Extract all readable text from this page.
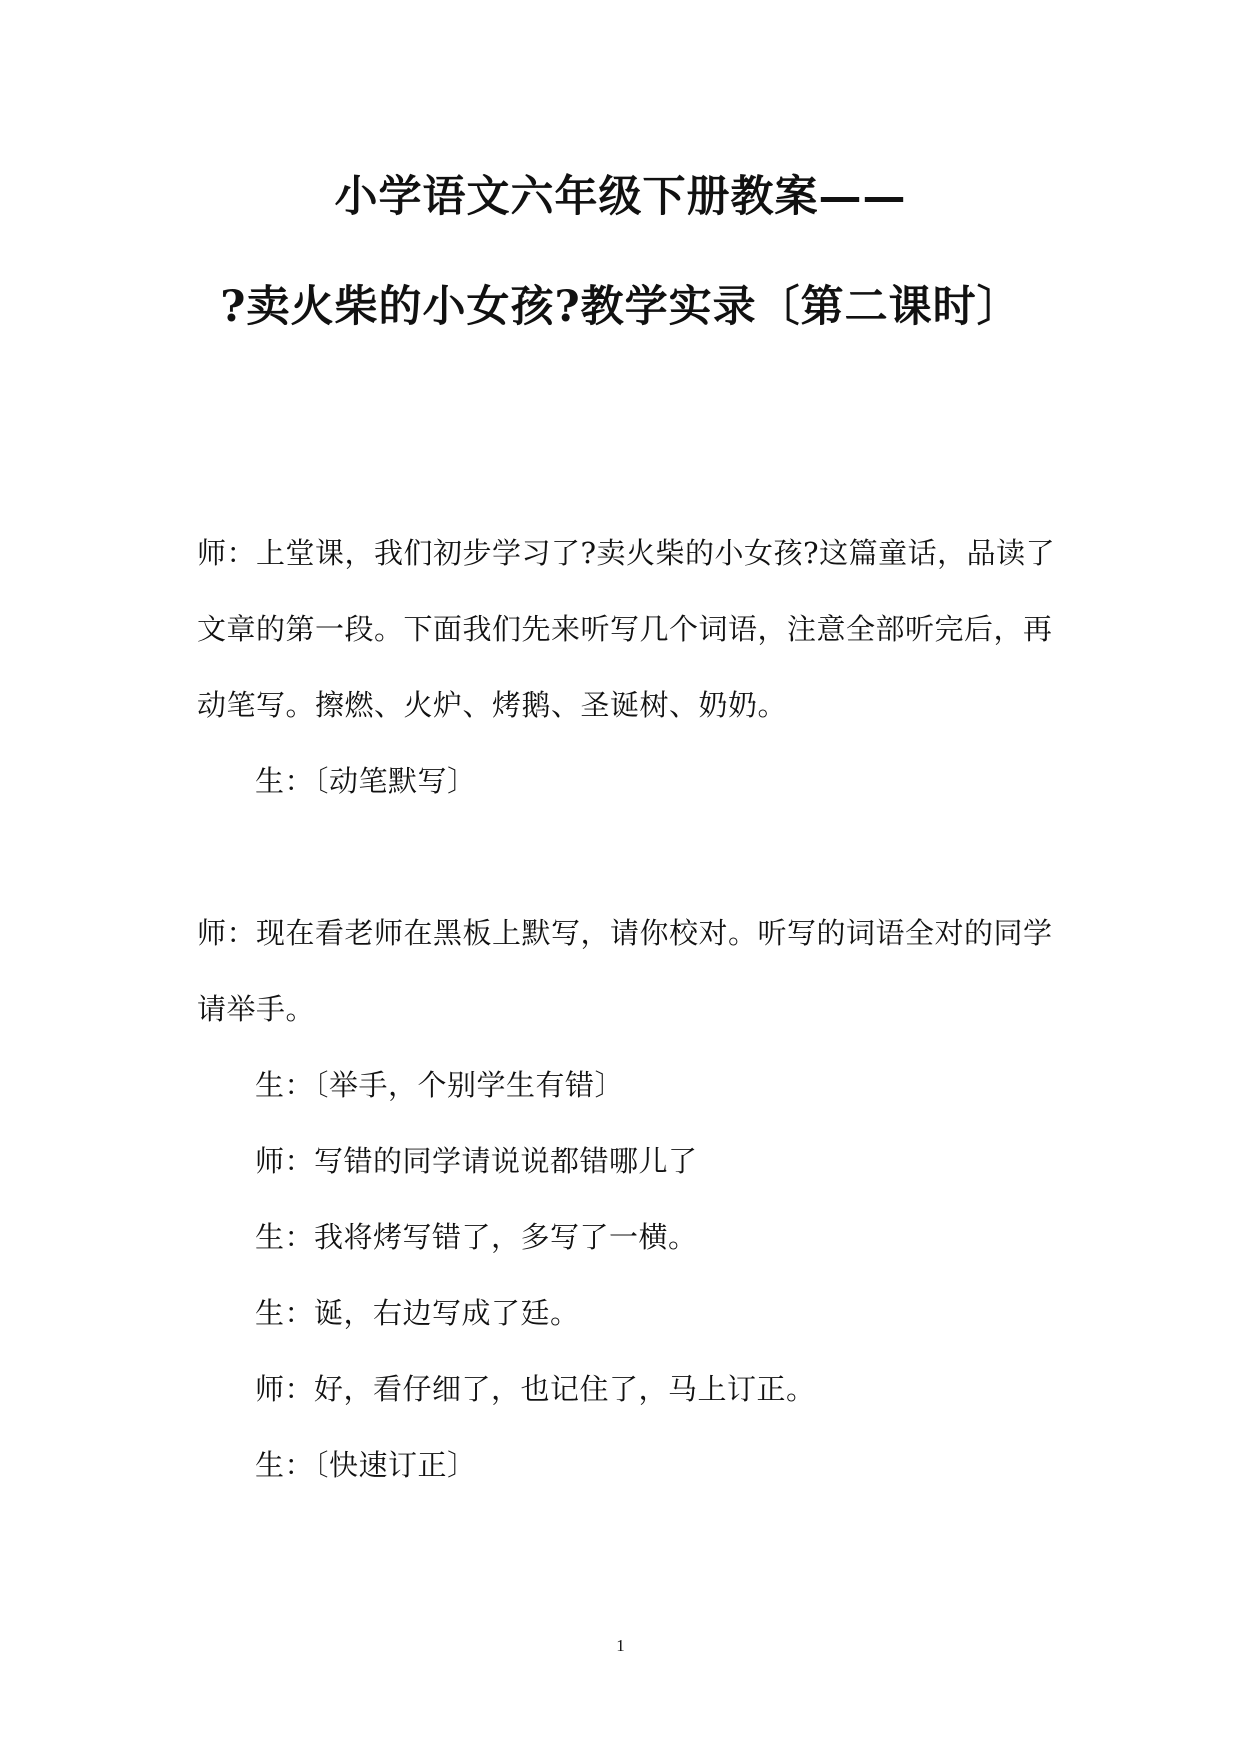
小学语文六年级下册教案——
?卖火柴的小女孩?教学实录〔第二课时〕
师：上堂课，我们初步学习了?卖火柴的小女孩?这篇童话，品读了文章的第一段。下面我们先来听写几个词语，注意全部听完后，再动笔写。擦燃、火炉、烤鹅、圣诞树、奶奶。
生：〔动笔默写〕
师：现在看老师在黑板上默写，请你校对。听写的词语全对的同学请举手。
生：〔举手，个别学生有错〕
师：写错的同学请说说都错哪儿了
生：我将烤写错了，多写了一横。
生：诞，右边写成了廷。
师：好，看仔细了，也记住了，马上订正。
生：〔快速订正〕
1
